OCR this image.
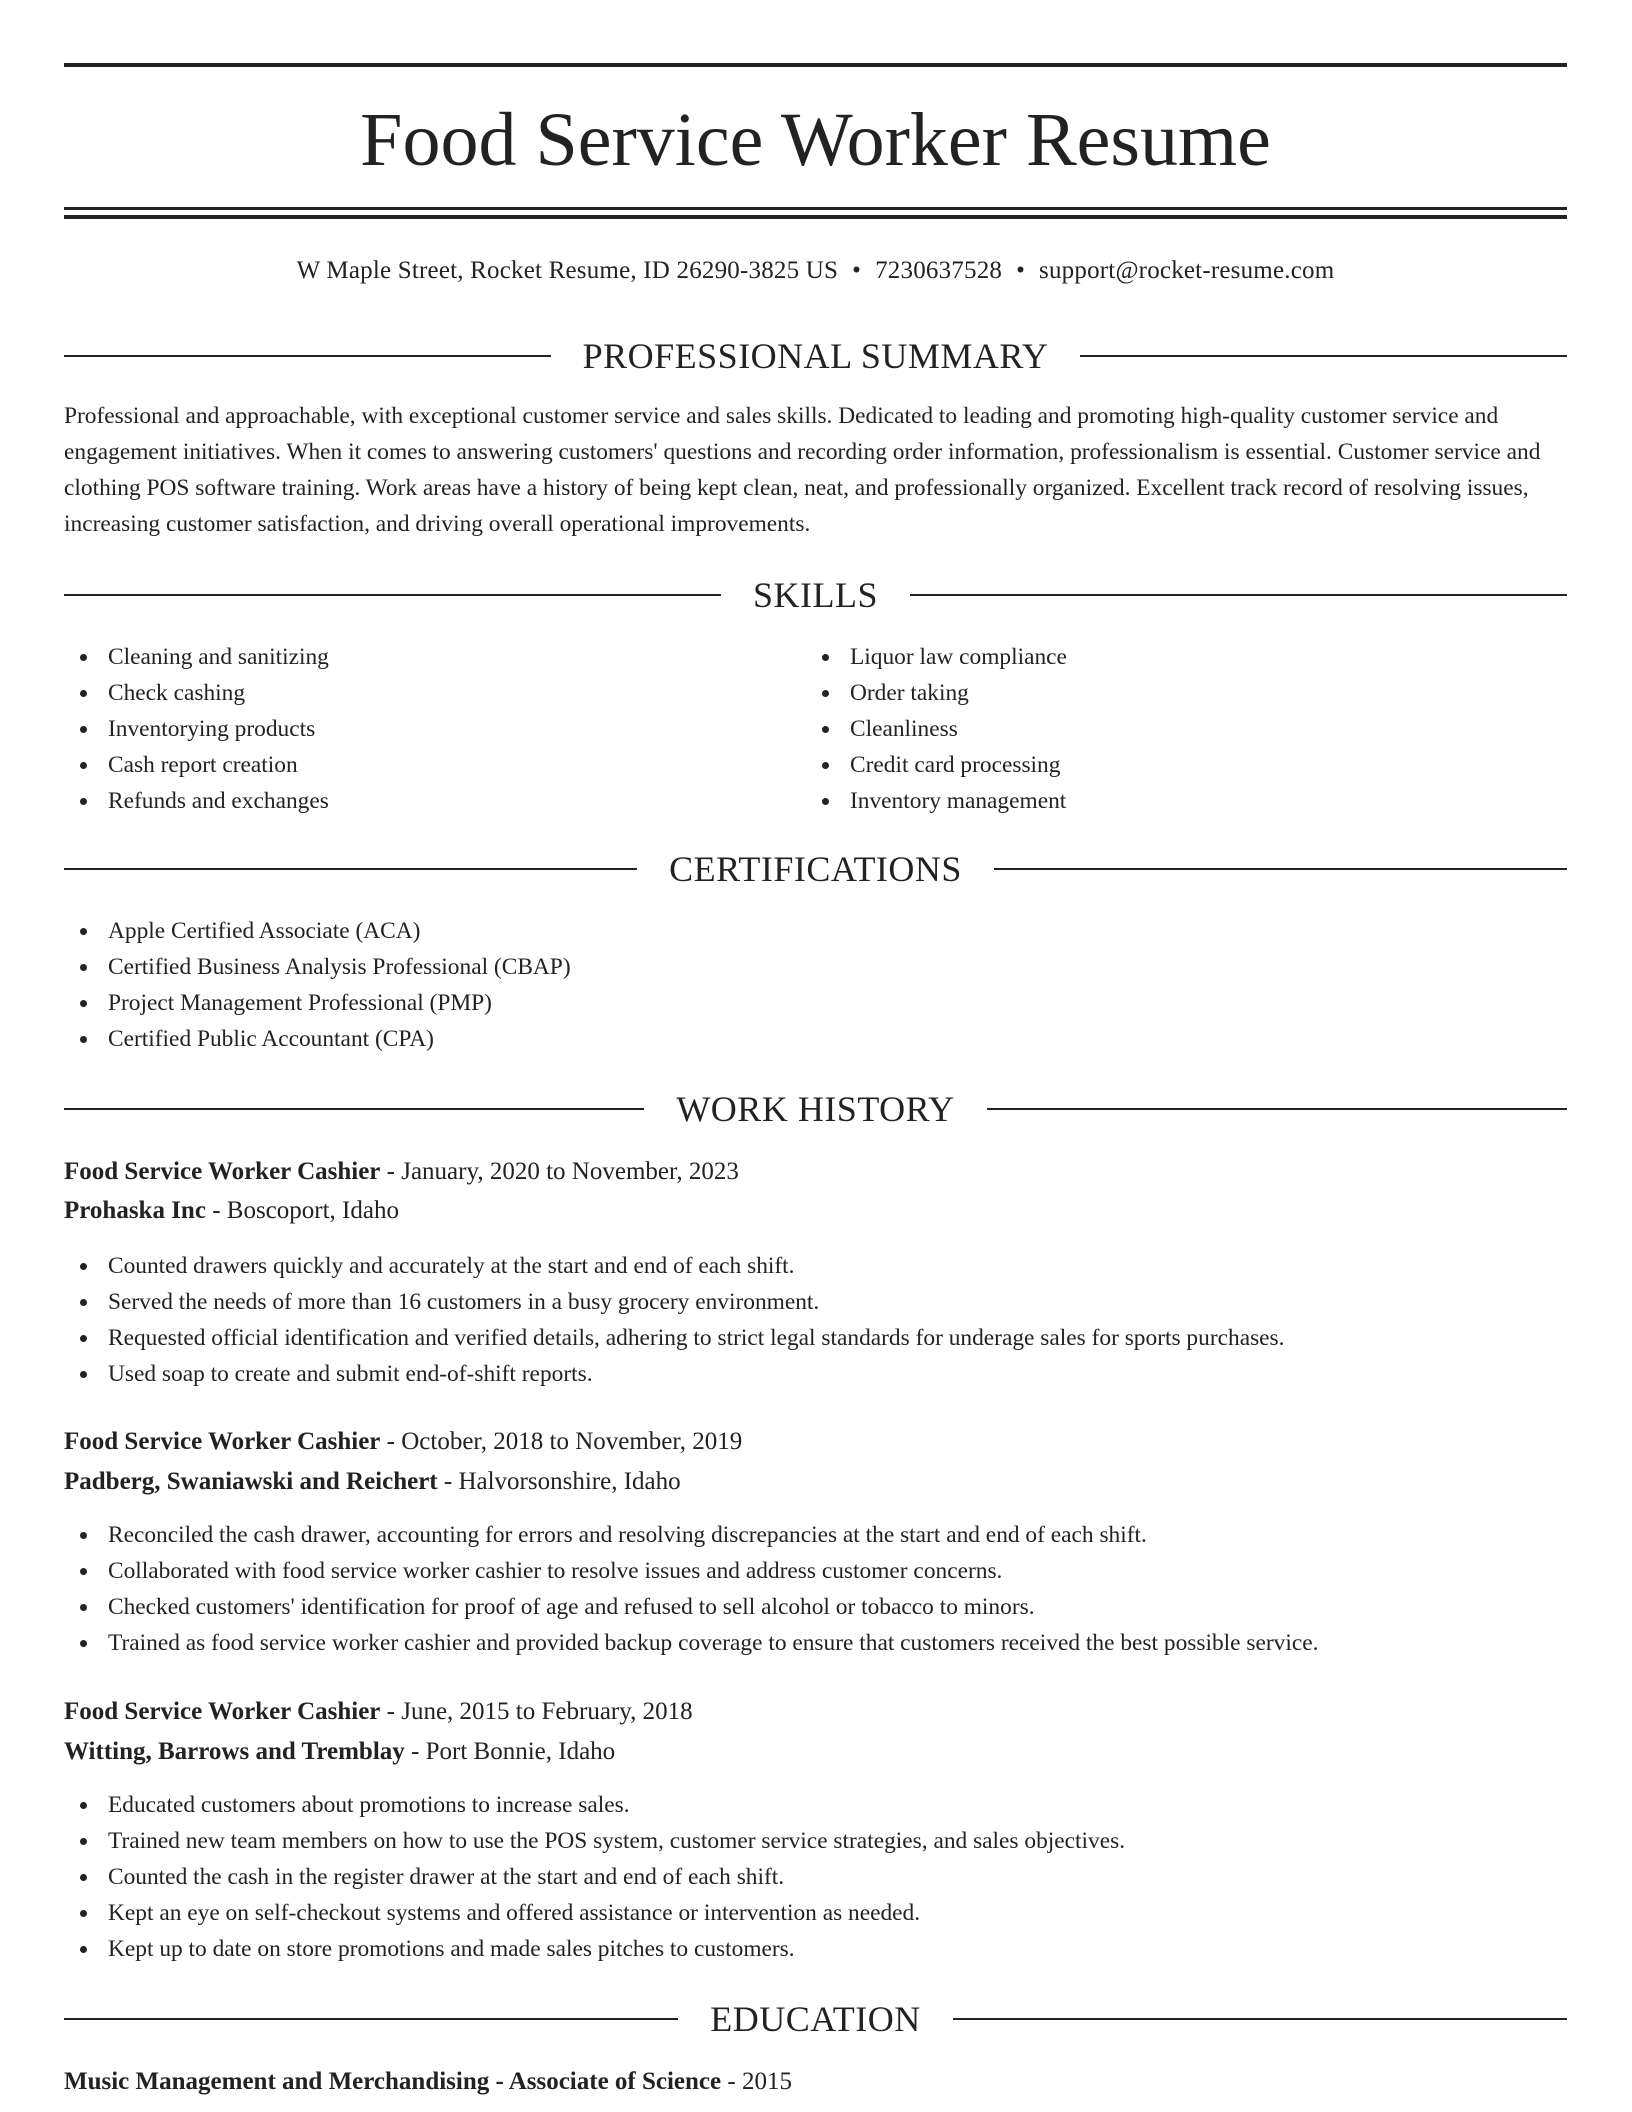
Food Service Worker Resume
W Maple Street, Rocket Resume, ID 26290-3825 US • 7230637528 • support@rocket-resume.com
PROFESSIONAL SUMMARY

Professional and approachable, with exceptional customer service and sales skills. Dedicated to leading and promoting high-quality customer service and engagement initiatives. When it comes to answering customers' questions and recording order information, professionalism is essential. Customer service and clothing POS software training. Work areas have a history of being kept clean, neat, and professionally organized. Excellent track record of resolving issues, increasing customer satisfaction, and driving overall operational improvements.

SKILLS
Cleaning and sanitizing
Check cashing
Inventorying products
Cash report creation
Refunds and exchanges
Liquor law compliance
Order taking
Cleanliness
Credit card processing
Inventory management
CERTIFICATIONS
Apple Certified Associate (ACA)
Certified Business Analysis Professional (CBAP)
Project Management Professional (PMP)
Certified Public Accountant (CPA)
WORK HISTORY
Food Service Worker Cashier - January, 2020 to November, 2023
Prohaska Inc - Boscoport, Idaho
Counted drawers quickly and accurately at the start and end of each shift.
Served the needs of more than 16 customers in a busy grocery environment.
Requested official identification and verified details, adhering to strict legal standards for underage sales for sports purchases.
Used soap to create and submit end-of-shift reports.
Food Service Worker Cashier - October, 2018 to November, 2019
Padberg, Swaniawski and Reichert - Halvorsonshire, Idaho
Reconciled the cash drawer, accounting for errors and resolving discrepancies at the start and end of each shift.
Collaborated with food service worker cashier to resolve issues and address customer concerns.
Checked customers' identification for proof of age and refused to sell alcohol or tobacco to minors.
Trained as food service worker cashier and provided backup coverage to ensure that customers received the best possible service.
Food Service Worker Cashier - June, 2015 to February, 2018
Witting, Barrows and Tremblay - Port Bonnie, Idaho
Educated customers about promotions to increase sales.
Trained new team members on how to use the POS system, customer service strategies, and sales objectives.
Counted the cash in the register drawer at the start and end of each shift.
Kept an eye on self-checkout systems and offered assistance or intervention as needed.
Kept up to date on store promotions and made sales pitches to customers.
EDUCATION
Music Management and Merchandising - Associate of Science - 2015
